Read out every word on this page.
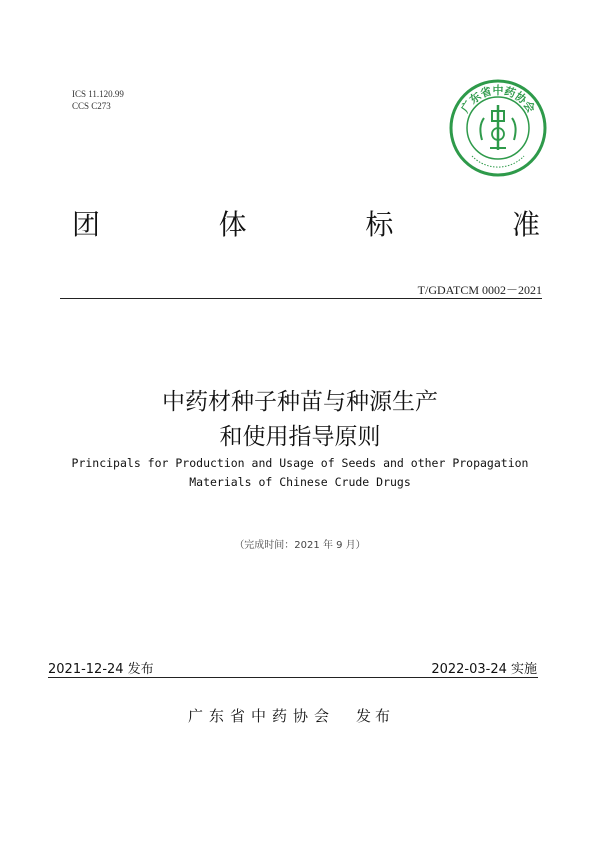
ICS 11.120.99
CCS C273	广东省中药协会
团	体	标	准
T/GDATCM 0002－2021
中药材种子种苗与种源生产
和使用指导原则
Principals for Production and Usage of Seeds and other Propagation
Materials of Chinese Crude Drugs
（完成时间：2021 年 9 月）
2021-12-24 发布	2022-03-24 实施
广东省中药协会 发布
